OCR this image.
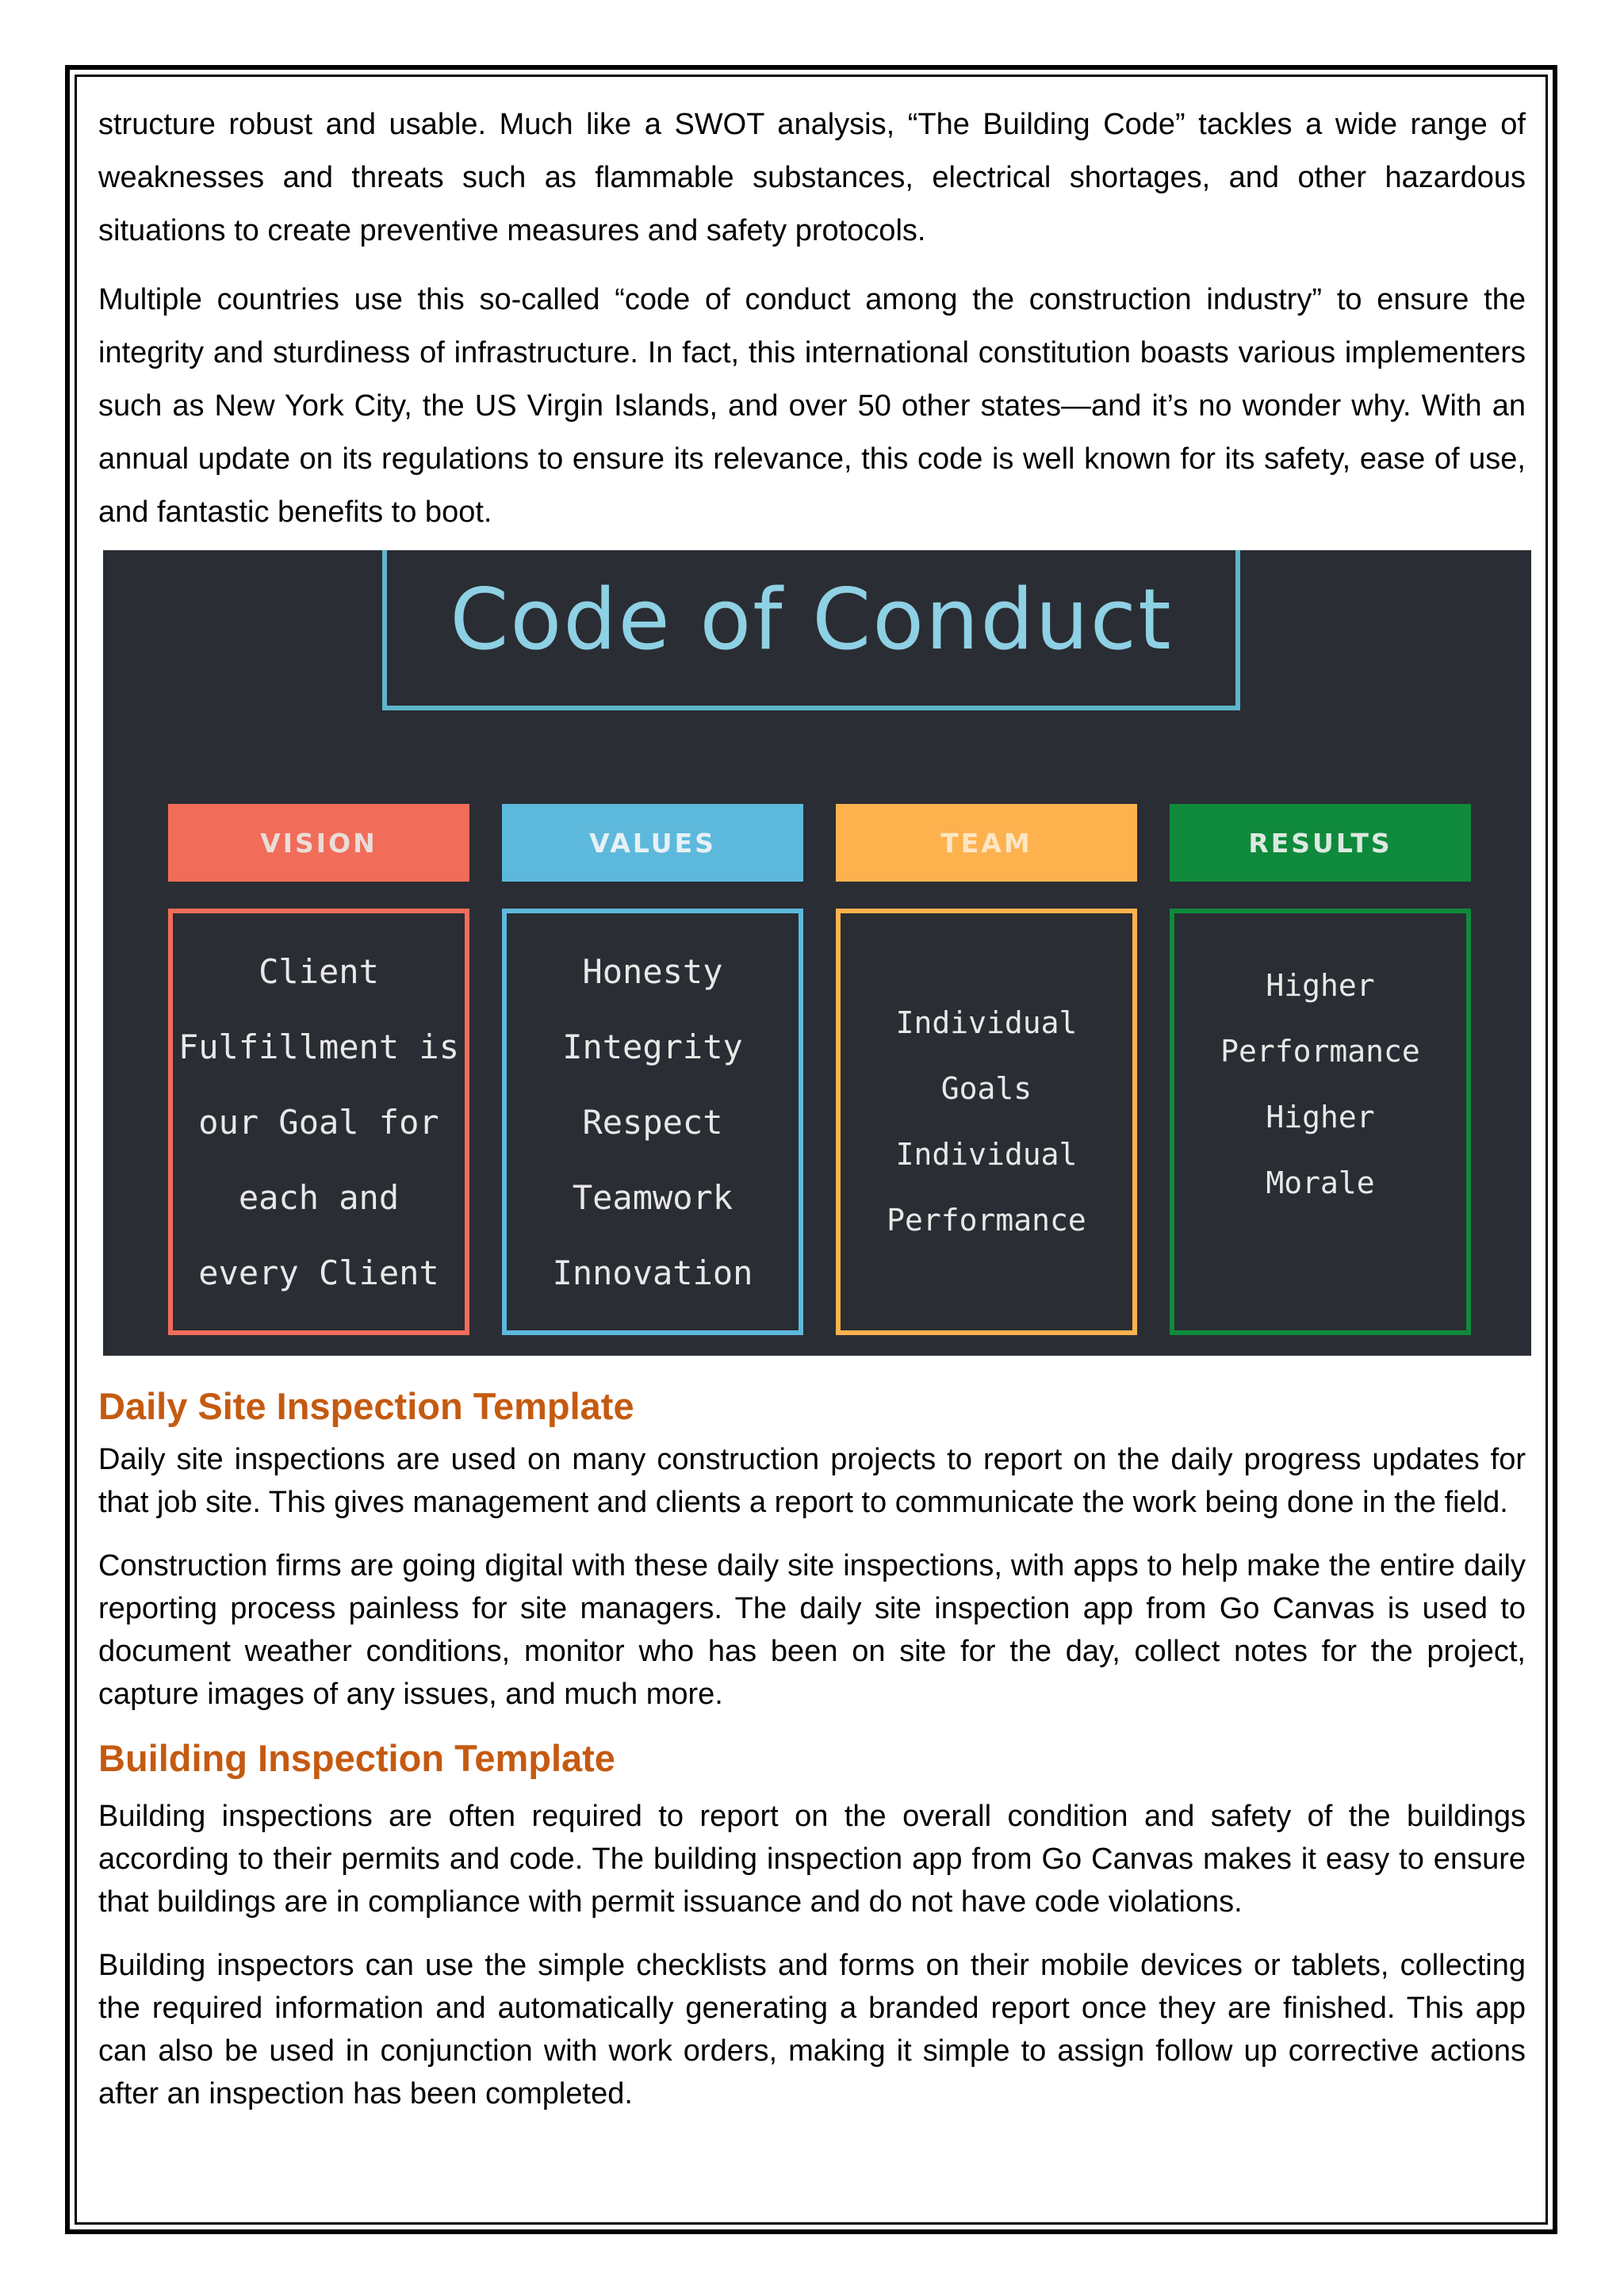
structure robust and usable. Much like a SWOT analysis, “The Building Code” tackles a wide range of weaknesses and threats such as flammable substances, electrical shortages, and other hazardous situations to create preventive measures and safety protocols.

Multiple countries use this so-called “code of conduct among the construction industry” to ensure the integrity and sturdiness of infrastructure. In fact, this international constitution boasts various implementers such as New York City, the US Virgin Islands, and over 50 other states—and it’s no wonder why. With an annual update on its regulations to ensure its relevance, this code is well known for its safety, ease of use, and fantastic benefits to boot.

Code of Conduct
VISION
Client
Fulfillment is
our Goal for
each and
every Client
VALUES
Honesty
Integrity
Respect
Teamwork
Innovation
TEAM
Individual
Goals
Individual
Performance
RESULTS
Higher
Performance
Higher
Morale
Daily Site Inspection Template

Daily site inspections are used on many construction projects to report on the daily progress updates for that job site. This gives management and clients a report to communicate the work being done in the field.

Construction firms are going digital with these daily site inspections, with apps to help make the entire daily reporting process painless for site managers. The daily site inspection app from Go Canvas is used to document weather conditions, monitor who has been on site for the day, collect notes for the project, capture images of any issues, and much more.

Building Inspection Template

Building inspections are often required to report on the overall condition and safety of the buildings according to their permits and code. The building inspection app from Go Canvas makes it easy to ensure that buildings are in compliance with permit issuance and do not have code violations.

Building inspectors can use the simple checklists and forms on their mobile devices or tablets, collecting the required information and automatically generating a branded report once they are finished. This app can also be used in conjunction with work orders, making it simple to assign follow up corrective actions after an inspection has been completed.
